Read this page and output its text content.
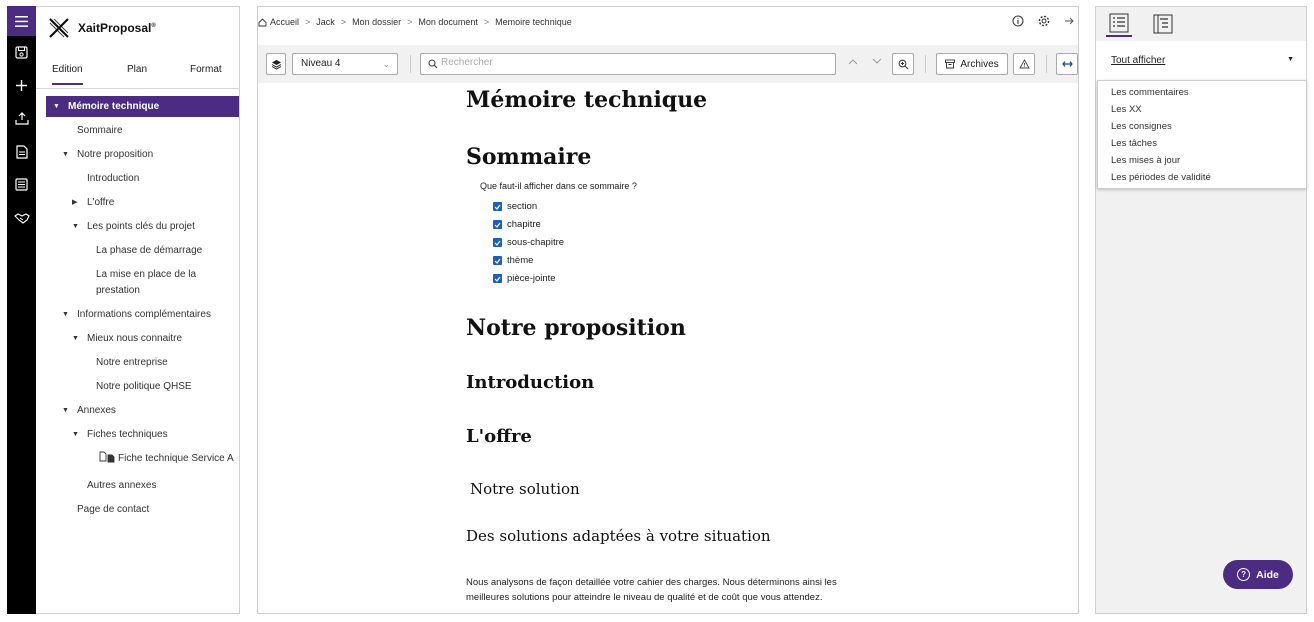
XaitProposal®
Edition	Plan	Format
▼ Mémoire technique
Sommaire
▼ Notre proposition
Introduction
▶ L'offre
▼ Les points clés du projet
La phase de démarrage
La mise en place de la
prestation
▼ Informations complémentaires
▼ Mieux nous connaitre
Notre entreprise
Notre politique QHSE
▼ Annexes
▼ Fiches techniques
Fiche technique Service A
Autres annexes
Page de contact
Accueil > Jack > Mon dossier > Mon document > Memoire technique
Niveau 4	⌄
Rechercher	Archives
Mémoire technique
Sommaire
Que faut-il afficher dans ce sommaire ?
section
chapitre
sous-chapitre
thème
pièce-jointe
Notre proposition
Introduction
L'offre
Notre solution
Des solutions adaptées à votre situation
Nous analysons de façon detaillée votre cahier des charges. Nous déterminons ainsi les
meilleures solutions pour atteindre le niveau de qualité et de coût que vous attendez.
Tout afficher	▼
Les commentaires
Les XX
Les consignes
Les tâches
Les mises à jour
Les périodes de validité
? Aide
